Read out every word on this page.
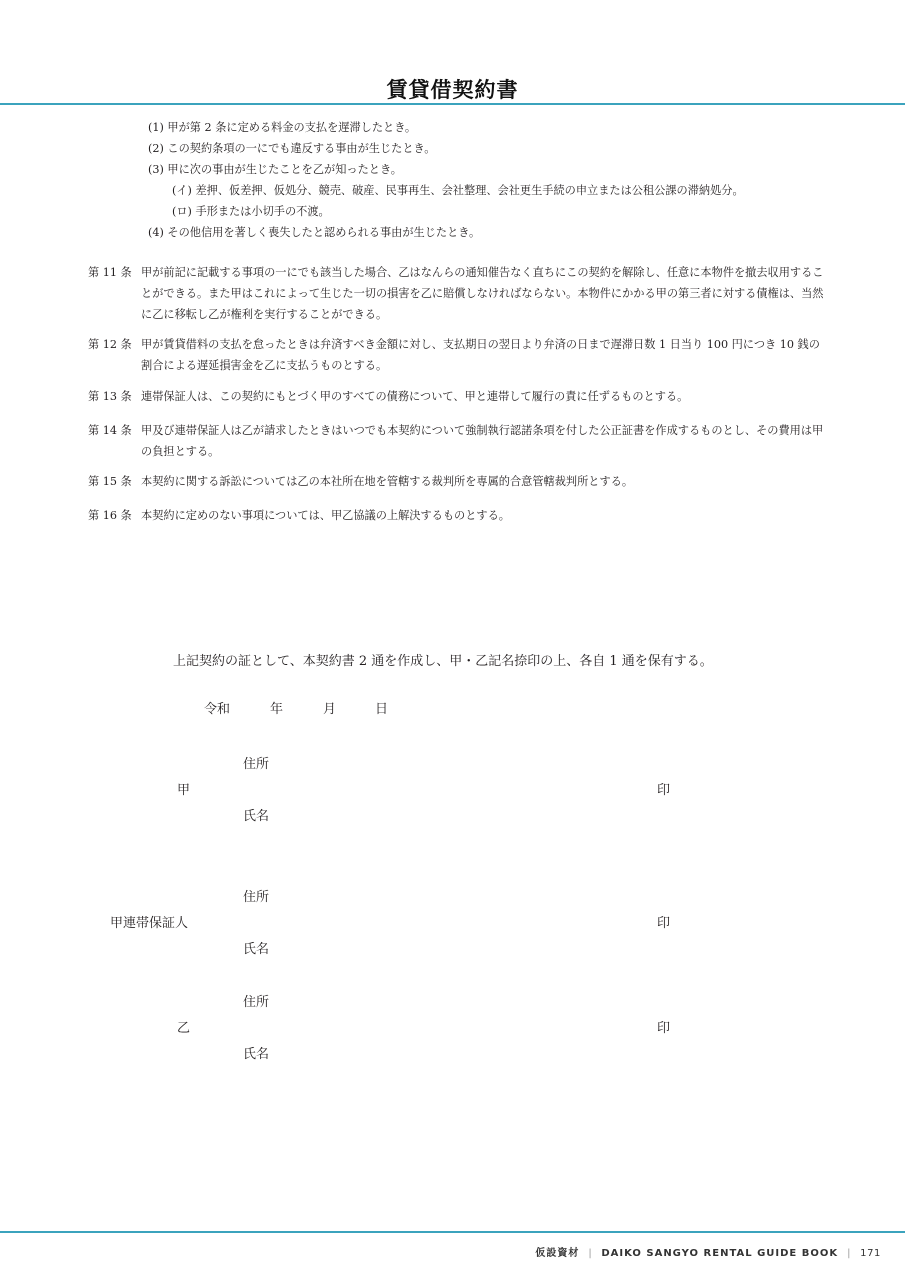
賃貸借契約書
(1) 甲が第 2 条に定める料金の支払を遅滞したとき。
(2) この契約条項の一にでも違反する事由が生じたとき。
(3) 甲に次の事由が生じたことを乙が知ったとき。
(イ) 差押、仮差押、仮処分、競売、破産、民事再生、会社整理、会社更生手続の申立または公租公課の滞納処分。
(ロ) 手形または小切手の不渡。
(4) その他信用を著しく喪失したと認められる事由が生じたとき。
第 11 条 甲が前記に記載する事項の一にでも該当した場合、乙はなんらの通知催告なく直ちにこの契約を解除し、任意に本物件を撤去収用することができる。また甲はこれによって生じた一切の損害を乙に賠償しなければならない。本物件にかかる甲の第三者に対する債権は、当然に乙に移転し乙が権利を実行することができる。
第 12 条 甲が賃貸借料の支払を怠ったときは弁済すべき金額に対し、支払期日の翌日より弁済の日まで遅滞日数 1 日当り 100 円につき 10 銭の割合による遅延損害金を乙に支払うものとする。
第 13 条 連帯保証人は、この契約にもとづく甲のすべての債務について、甲と連帯して履行の責に任ずるものとする。
第 14 条 甲及び連帯保証人は乙が請求したときはいつでも本契約について強制執行認諾条項を付した公正証書を作成するものとし、その費用は甲の負担とする。
第 15 条 本契約に関する訴訟については乙の本社所在地を管轄する裁判所を専属的合意管轄裁判所とする。
第 16 条 本契約に定めのない事項については、甲乙協議の上解決するものとする。
上記契約の証として、本契約書 2 通を作成し、甲・乙記名捺印の上、各自 1 通を保有する。
令和	年	月	日
住所
甲	印
氏名
住所
甲連帯保証人	印
氏名
住所
乙	印
氏名
仮設資材 | DAIKO SANGYO RENTAL GUIDE BOOK | 171
